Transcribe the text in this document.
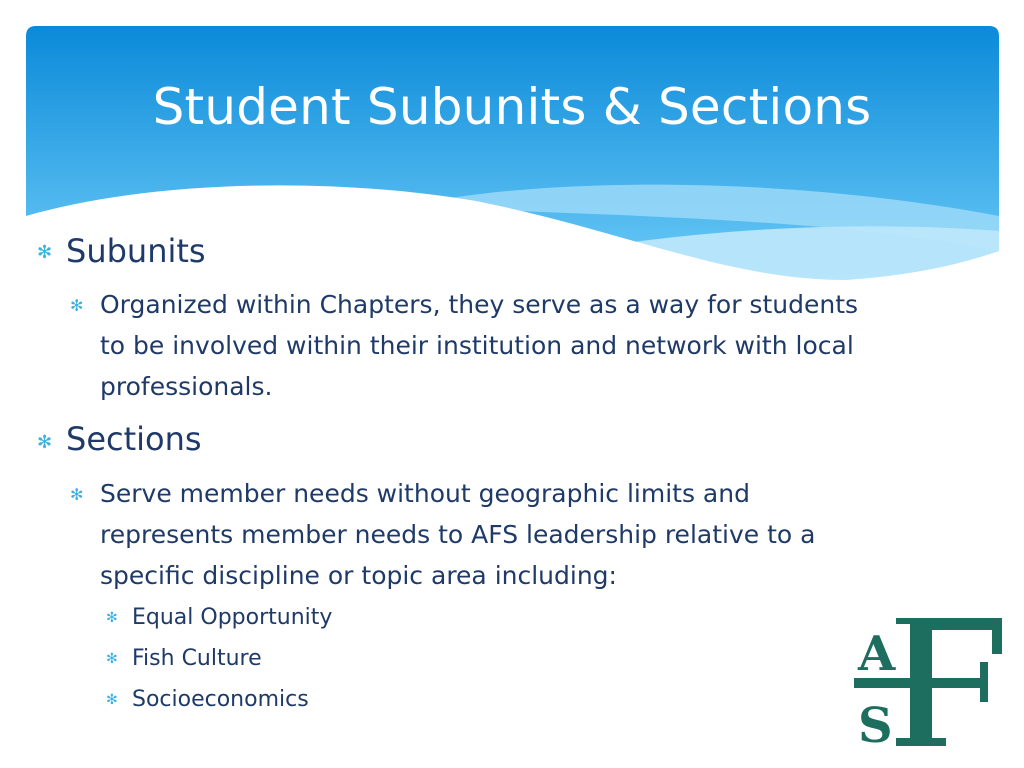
Student Subunits & Sections
✻ Subunits
✻ Organized within Chapters, they serve as a way for students
to be involved within their institution and network with local
professionals.
✻ Sections
✻ Serve member needs without geographic limits and
represents member needs to AFS leadership relative to a
specific discipline or topic area including:
✻ Equal Opportunity
✻ Fish Culture
✻ Socioeconomics
A
S
